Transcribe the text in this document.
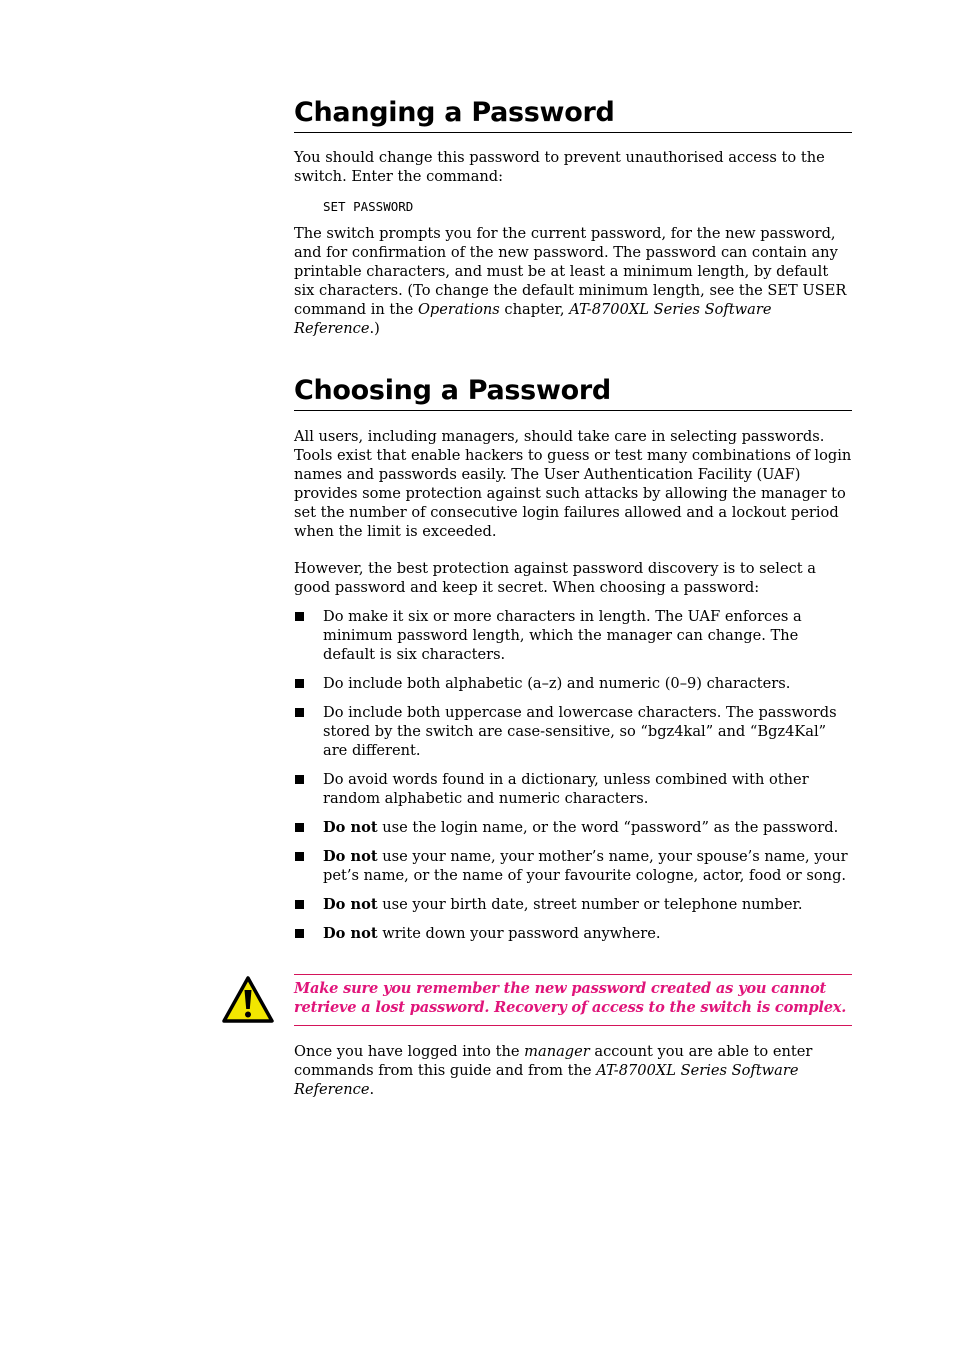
Changing a Password

You should change this password to prevent unauthorised access to the switch. Enter the command:

SET PASSWORD

The switch prompts you for the current password, for the new password, and for confirmation of the new password. The password can contain any printable characters, and must be at least a minimum length, by default six characters. (To change the default minimum length, see the SET USER command in the Operations chapter, AT-8700XL Series Software Reference.)

Choosing a Password

All users, including managers, should take care in selecting passwords. Tools exist that enable hackers to guess or test many combinations of login names and passwords easily. The User Authentication Facility (UAF) provides some protection against such attacks by allowing the manager to set the number of consecutive login failures allowed and a lockout period when the limit is exceeded.

However, the best protection against password discovery is to select a good password and keep it secret. When choosing a password:

Do make it six or more characters in length. The UAF enforces a minimum password length, which the manager can change. The default is six characters.
Do include both alphabetic (a–z) and numeric (0–9) characters.
Do include both uppercase and lowercase characters. The passwords stored by the switch are case-sensitive, so “bgz4kal” and “Bgz4Kal” are different.
Do avoid words found in a dictionary, unless combined with other random alphabetic and numeric characters.
Do not use the login name, or the word “password” as the password.
Do not use your name, your mother’s name, your spouse’s name, your pet’s name, or the name of your favourite cologne, actor, food or song.
Do not use your birth date, street number or telephone number.
Do not write down your password anywhere.

Once you have logged into the manager account you are able to enter commands from this guide and from the AT-8700XL Series Software Reference.

Make sure you remember the new password created as you cannot retrieve a lost password. Recovery of access to the switch is complex.
